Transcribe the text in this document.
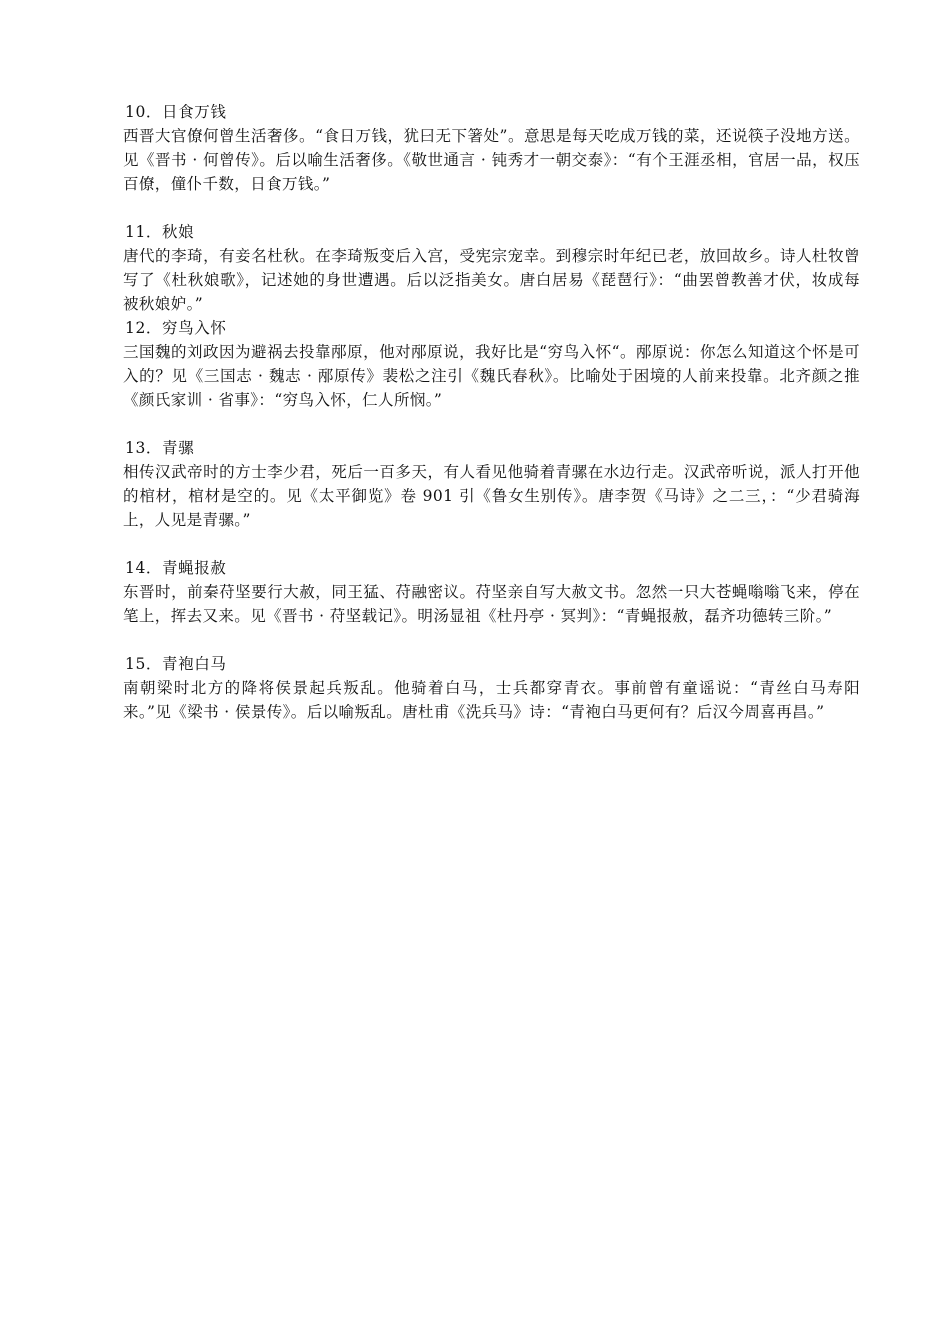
10．日食万钱
西晋大官僚何曾生活奢侈。“食日万钱，犹曰无下箸处”。意思是每天吃成万钱的菜，还说筷子没地方送。见《晋书 · 何曾传》。后以喻生活奢侈。《敬世通言 · 钝秀才一朝交泰》：“有个王涯丞相，官居一品，权压百僚，僮仆千数，日食万钱。”
11．秋娘
唐代的李琦，有妾名杜秋。在李琦叛变后入宫，受宪宗宠幸。到穆宗时年纪已老，放回故乡。诗人杜牧曾写了《杜秋娘歌》，记述她的身世遭遇。后以泛指美女。唐白居易《琵琶行》：“曲罢曾教善才伏，妆成每被秋娘妒。”
12．穷鸟入怀
三国魏的刘政因为避祸去投靠邴原，他对邴原说，我好比是“穷鸟入怀“。邴原说：你怎么知道这个怀是可入的？见《三国志 · 魏志 · 邴原传》裴松之注引《魏氏春秋》。比喻处于困境的人前来投靠。北齐颜之推《颜氏家训 · 省事》：“穷鸟入怀，仁人所悯。”
13．青骡
相传汉武帝时的方士李少君，死后一百多天，有人看见他骑着青骡在水边行走。汉武帝听说，派人打开他的棺材，棺材是空的。见《太平御览》卷 901 引《鲁女生别传》。唐李贺《马诗》之二三，：“少君骑海上，人见是青骡。”
14．青蝇报赦
东晋时，前秦苻坚要行大赦，同王猛、苻融密议。苻坚亲自写大赦文书。忽然一只大苍蝇嗡嗡飞来，停在笔上，挥去又来。见《晋书 · 苻坚载记》。明汤显祖《杜丹亭 · 冥判》：“青蝇报赦，磊齐功德转三阶。”
15．青袍白马
南朝梁时北方的降将侯景起兵叛乱。他骑着白马，士兵都穿青衣。事前曾有童谣说：“青丝白马寿阳来。”见《梁书 · 侯景传》。后以喻叛乱。唐杜甫《洗兵马》诗：“青袍白马更何有？后汉今周喜再昌。”
